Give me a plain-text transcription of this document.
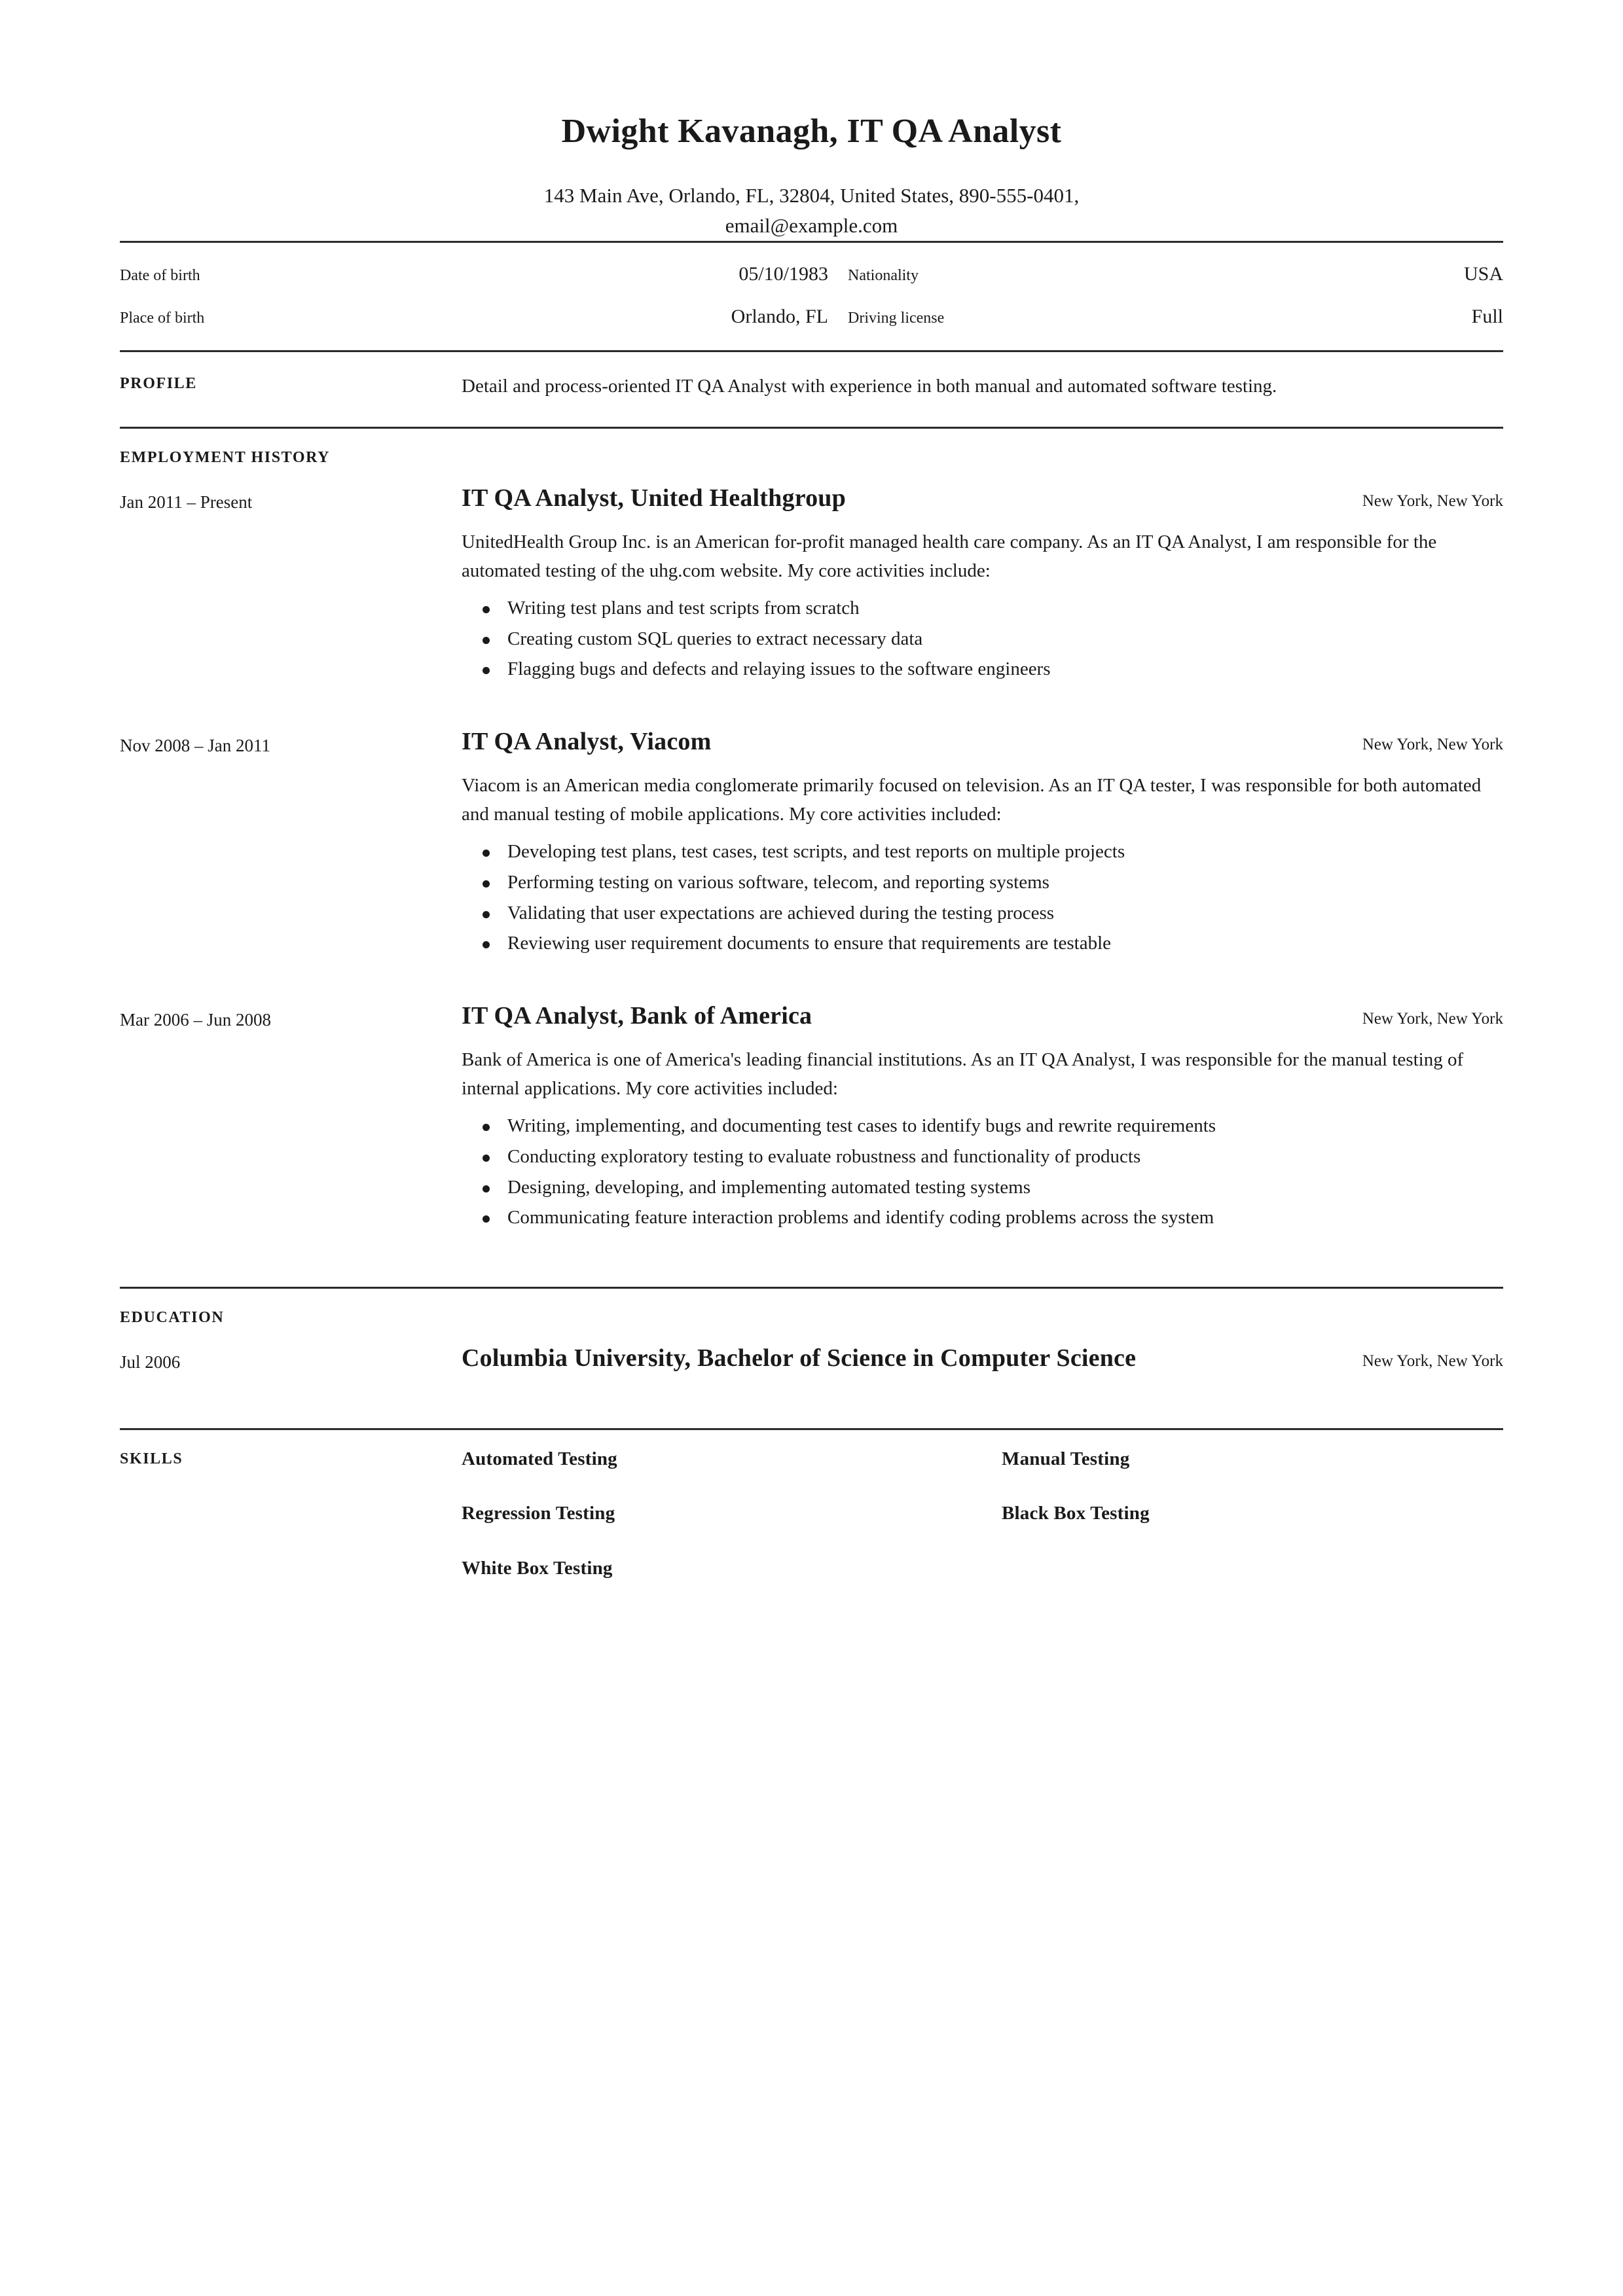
Dwight Kavanagh, IT QA Analyst
143 Main Ave, Orlando, FL, 32804, United States, 890-555-0401,
email@example.com
Date of birth	05/10/1983 Nationality	USA
Place of birth	Orlando, FL Driving license	Full
PROFILE	Detail and process-oriented IT QA Analyst with experience in both manual and automated software testing.
EMPLOYMENT HISTORY
Jan 2011 – Present	IT QA Analyst, United Healthgroup	New York, New York
UnitedHealth Group Inc. is an American for-profit managed health care company. As an IT QA Analyst, I am responsible for the automated testing of the uhg.com website. My core activities include:
Writing test plans and test scripts from scratch
Creating custom SQL queries to extract necessary data
Flagging bugs and defects and relaying issues to the software engineers
Nov 2008 – Jan 2011	IT QA Analyst, Viacom	New York, New York
Viacom is an American media conglomerate primarily focused on television. As an IT QA tester, I was responsible for both automated and manual testing of mobile applications. My core activities included:
Developing test plans, test cases, test scripts, and test reports on multiple projects
Performing testing on various software, telecom, and reporting systems
Validating that user expectations are achieved during the testing process
Reviewing user requirement documents to ensure that requirements are testable
Mar 2006 – Jun 2008	IT QA Analyst, Bank of America	New York, New York
Bank of America is one of America's leading financial institutions. As an IT QA Analyst, I was responsible for the manual testing of internal applications. My core activities included:
Writing, implementing, and documenting test cases to identify bugs and rewrite requirements
Conducting exploratory testing to evaluate robustness and functionality of products
Designing, developing, and implementing automated testing systems
Communicating feature interaction problems and identify coding problems across the system
EDUCATION
Jul 2006	Columbia University, Bachelor of Science in Computer Science	New York, New York
SKILLS	Automated Testing	Manual Testing
Regression Testing	Black Box Testing
White Box Testing
